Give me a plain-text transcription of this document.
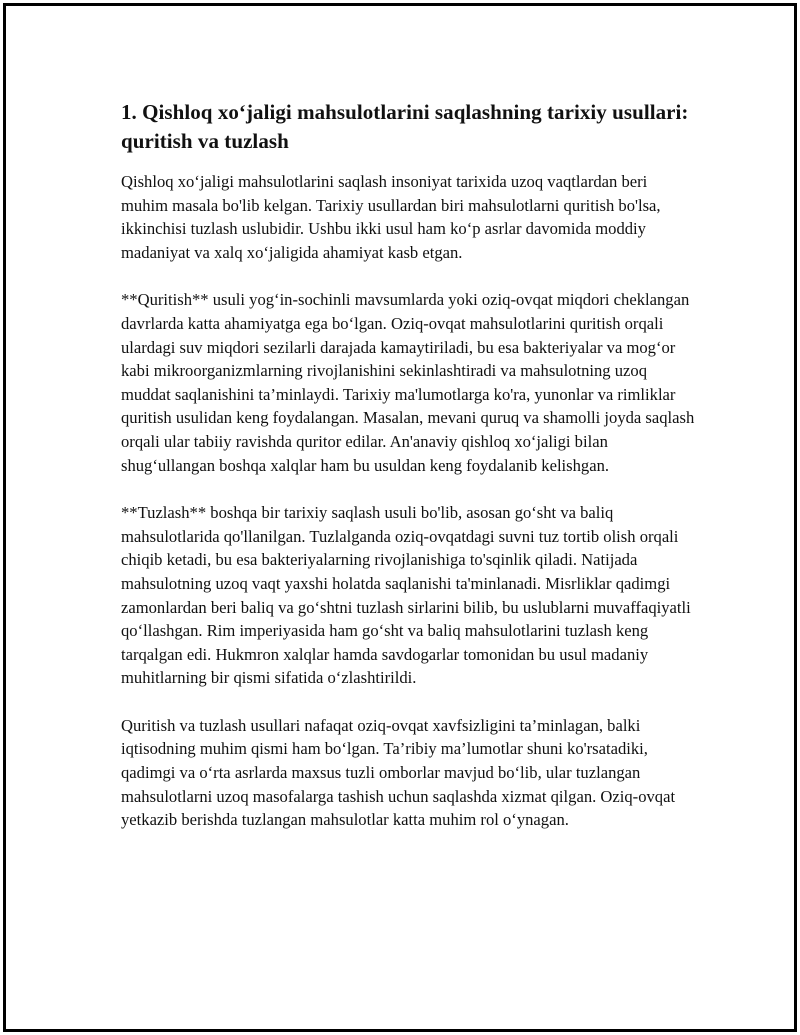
1. Qishloq xo‘jaligi mahsulotlarini saqlashning tarixiy usullari: quritish va tuzlash

Qishloq xo‘jaligi mahsulotlarini saqlash insoniyat tarixida uzoq vaqtlardan beri muhim masala bo'lib kelgan. Tarixiy usullardan biri mahsulotlarni quritish bo'lsa, ikkinchisi tuzlash uslubidir. Ushbu ikki usul ham ko‘p asrlar davomida moddiy madaniyat va xalq xo‘jaligida ahamiyat kasb etgan.

**Quritish** usuli yog‘in-sochinli mavsumlarda yoki oziq-ovqat miqdori cheklangan davrlarda katta ahamiyatga ega bo‘lgan. Oziq-ovqat mahsulotlarini quritish orqali ulardagi suv miqdori sezilarli darajada kamaytiriladi, bu esa bakteriyalar va mog‘or kabi mikroorganizmlarning rivojlanishini sekinlashtiradi va mahsulotning uzoq muddat saqlanishini ta’minlaydi. Tarixiy ma'lumotlarga ko'ra, yunonlar va rimliklar quritish usulidan keng foydalangan. Masalan, mevani quruq va shamolli joyda saqlash orqali ular tabiiy ravishda quritor edilar. An'anaviy qishloq xo‘jaligi bilan shug‘ullangan boshqa xalqlar ham bu usuldan keng foydalanib kelishgan.

**Tuzlash** boshqa bir tarixiy saqlash usuli bo'lib, asosan go‘sht va baliq mahsulotlarida qo'llanilgan. Tuzlalganda oziq-ovqatdagi suvni tuz tortib olish orqali chiqib ketadi, bu esa bakteriyalarning rivojlanishiga to'sqinlik qiladi. Natijada mahsulotning uzoq vaqt yaxshi holatda saqlanishi ta'minlanadi. Misrliklar qadimgi zamonlardan beri baliq va go‘shtni tuzlash sirlarini bilib, bu uslublarni muvaffaqiyatli qo‘llashgan. Rim imperiyasida ham go‘sht va baliq mahsulotlarini tuzlash keng tarqalgan edi. Hukmron xalqlar hamda savdogarlar tomonidan bu usul madaniy muhitlarning bir qismi sifatida o‘zlashtirildi.

Quritish va tuzlash usullari nafaqat oziq-ovqat xavfsizligini ta’minlagan, balki iqtisodning muhim qismi ham bo‘lgan. Ta’ribiy ma’lumotlar shuni ko'rsatadiki, qadimgi va o‘rta asrlarda maxsus tuzli omborlar mavjud bo‘lib, ular tuzlangan mahsulotlarni uzoq masofalarga tashish uchun saqlashda xizmat qilgan. Oziq-ovqat yetkazib berishda tuzlangan mahsulotlar katta muhim rol o‘ynagan.
